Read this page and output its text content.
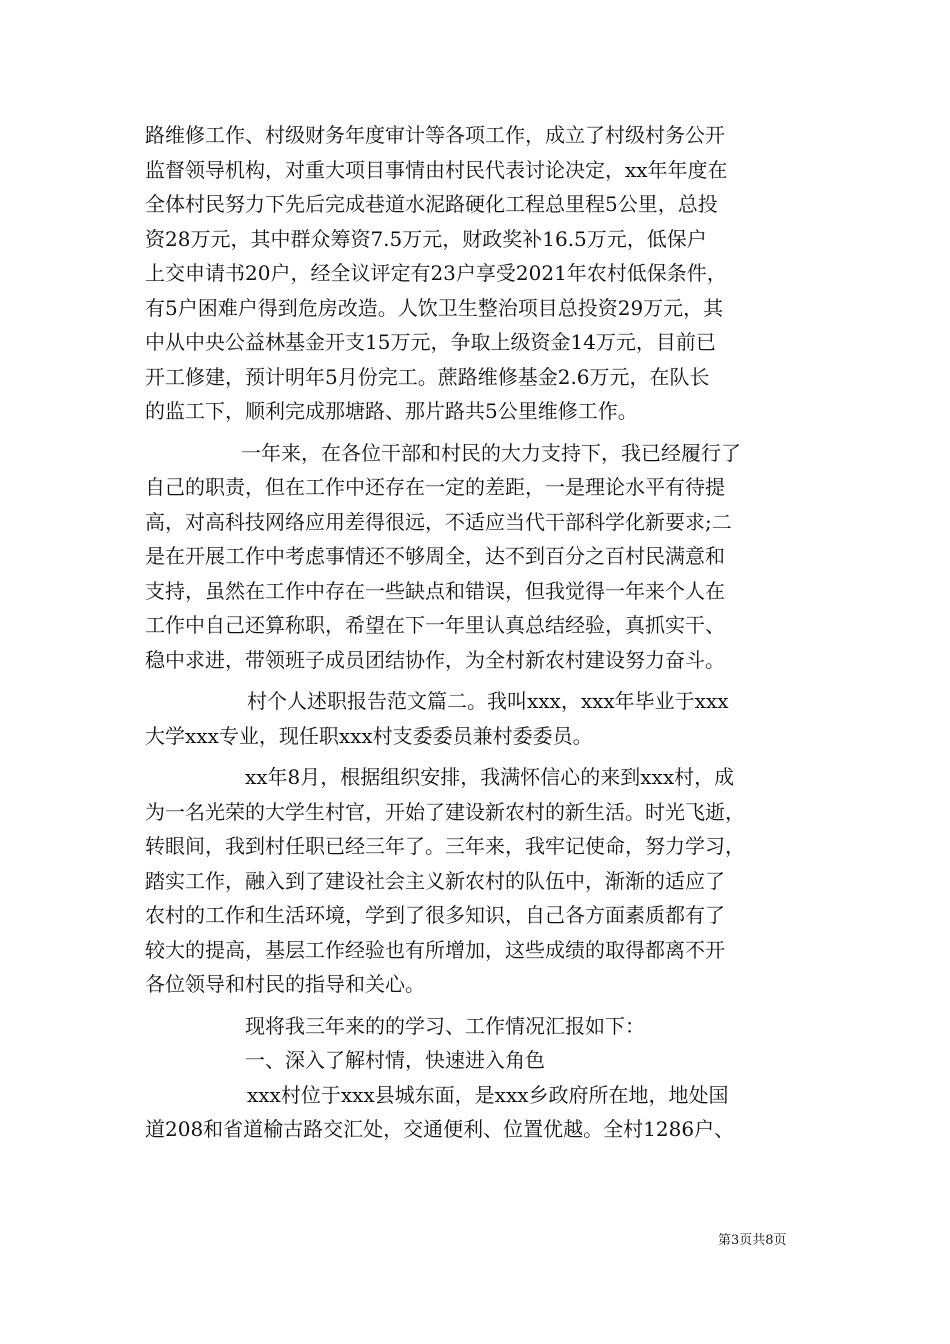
路维修工作、村级财务年度审计等各项工作，成立了村级村务公开
监督领导机构，对重大项目事情由村民代表讨论决定，xx年年度在
全体村民努力下先后完成巷道水泥路硬化工程总里程5公里，总投
资28万元，其中群众筹资7.5万元，财政奖补16.5万元，低保户
上交申请书20户，经全议评定有23户享受2021年农村低保条件，
有5户困难户得到危房改造。人饮卫生整治项目总投资29万元，其
中从中央公益林基金开支15万元，争取上级资金14万元，目前已
开工修建，预计明年5月份完工。蔗路维修基金2.6万元，在队长
的监工下，顺利完成那塘路、那片路共5公里维修工作。
一年来，在各位干部和村民的大力支持下，我已经履行了
自己的职责，但在工作中还存在一定的差距，一是理论水平有待提
高，对高科技网络应用差得很远，不适应当代干部科学化新要求;二
是在开展工作中考虑事情还不够周全，达不到百分之百村民满意和
支持，虽然在工作中存在一些缺点和错误，但我觉得一年来个人在
工作中自己还算称职，希望在下一年里认真总结经验，真抓实干、
稳中求进，带领班子成员团结协作，为全村新农村建设努力奋斗。
村个人述职报告范文篇二。我叫xxx，xxx年毕业于xxx
大学xxx专业，现任职xxx村支委委员兼村委委员。
xx年8月，根据组织安排，我满怀信心的来到xxx村，成
为一名光荣的大学生村官，开始了建设新农村的新生活。时光飞逝，
转眼间，我到村任职已经三年了。三年来，我牢记使命，努力学习，
踏实工作，融入到了建设社会主义新农村的队伍中，渐渐的适应了
农村的工作和生活环境，学到了很多知识，自己各方面素质都有了
较大的提高，基层工作经验也有所增加，这些成绩的取得都离不开
各位领导和村民的指导和关心。
现将我三年来的的学习、工作情况汇报如下：
一、深入了解村情，快速进入角色
xxx村位于xxx县城东面，是xxx乡政府所在地，地处国
道208和省道榆古路交汇处，交通便利、位置优越。全村1286户、
第3页共8页
